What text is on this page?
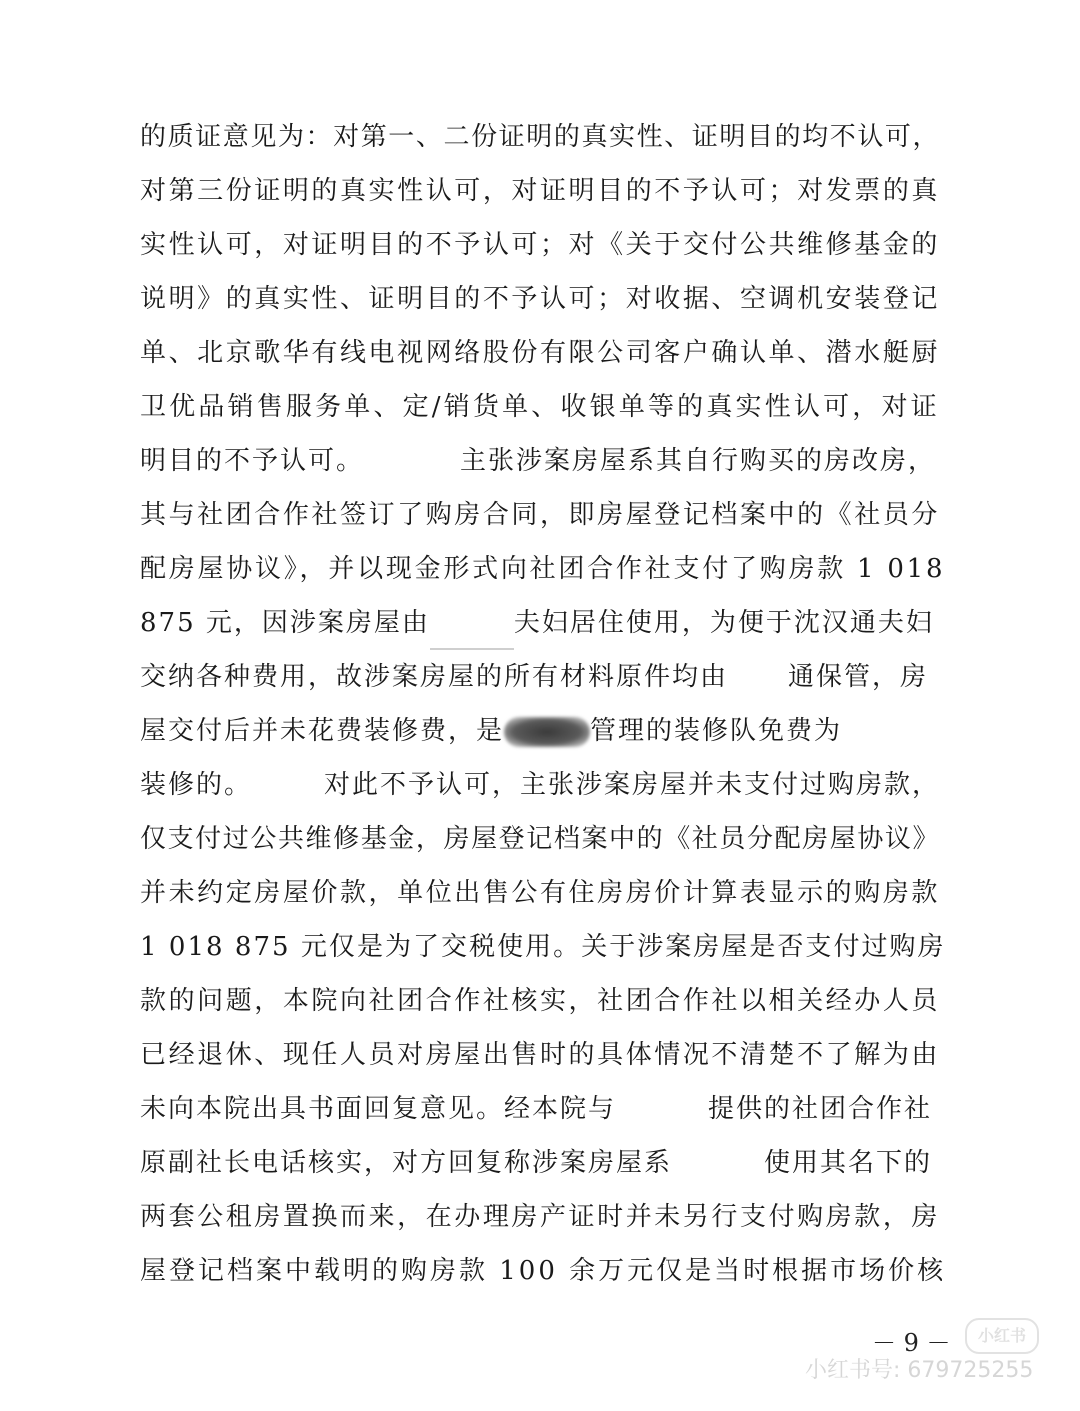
的质证意见为：对第一、二份证明的真实性、证明目的均不认可，
对第三份证明的真实性认可，对证明目的不予认可；对发票的真
实性认可，对证明目的不予认可；对《关于交付公共维修基金的
说明》的真实性、证明目的不予认可；对收据、空调机安装登记
单、北京歌华有线电视网络股份有限公司客户确认单、潜水艇厨
卫优品销售服务单、定/销货单、收银单等的真实性认可，对证
明目的不予认可。	主张涉案房屋系其自行购买的房改房，
其与社团合作社签订了购房合同，即房屋登记档案中的《社员分
配房屋协议》，并以现金形式向社团合作社支付了购房款 1 018
875 元，因涉案房屋由	夫妇居住使用，为便于沈汉通夫妇
交纳各种费用，故涉案房屋的所有材料原件均由 通保管，房
屋交付后并未花费装修费，是	管理的装修队免费为
装修的。	对此不予认可，主张涉案房屋并未支付过购房款，
仅支付过公共维修基金，房屋登记档案中的《社员分配房屋协议》
并未约定房屋价款，单位出售公有住房房价计算表显示的购房款
1 018 875 元仅是为了交税使用。关于涉案房屋是否支付过购房
款的问题，本院向社团合作社核实，社团合作社以相关经办人员
已经退休、现任人员对房屋出售时的具体情况不清楚不了解为由
未向本院出具书面回复意见。经本院与	提供的社团合作社
原副社长电话核实，对方回复称涉案房屋系	使用其名下的
两套公租房置换而来，在办理房产证时并未另行支付购房款，房
屋登记档案中载明的购房款 100 余万元仅是当时根据市场价核
－ 9 －	小红书
小红书号: 679725255
